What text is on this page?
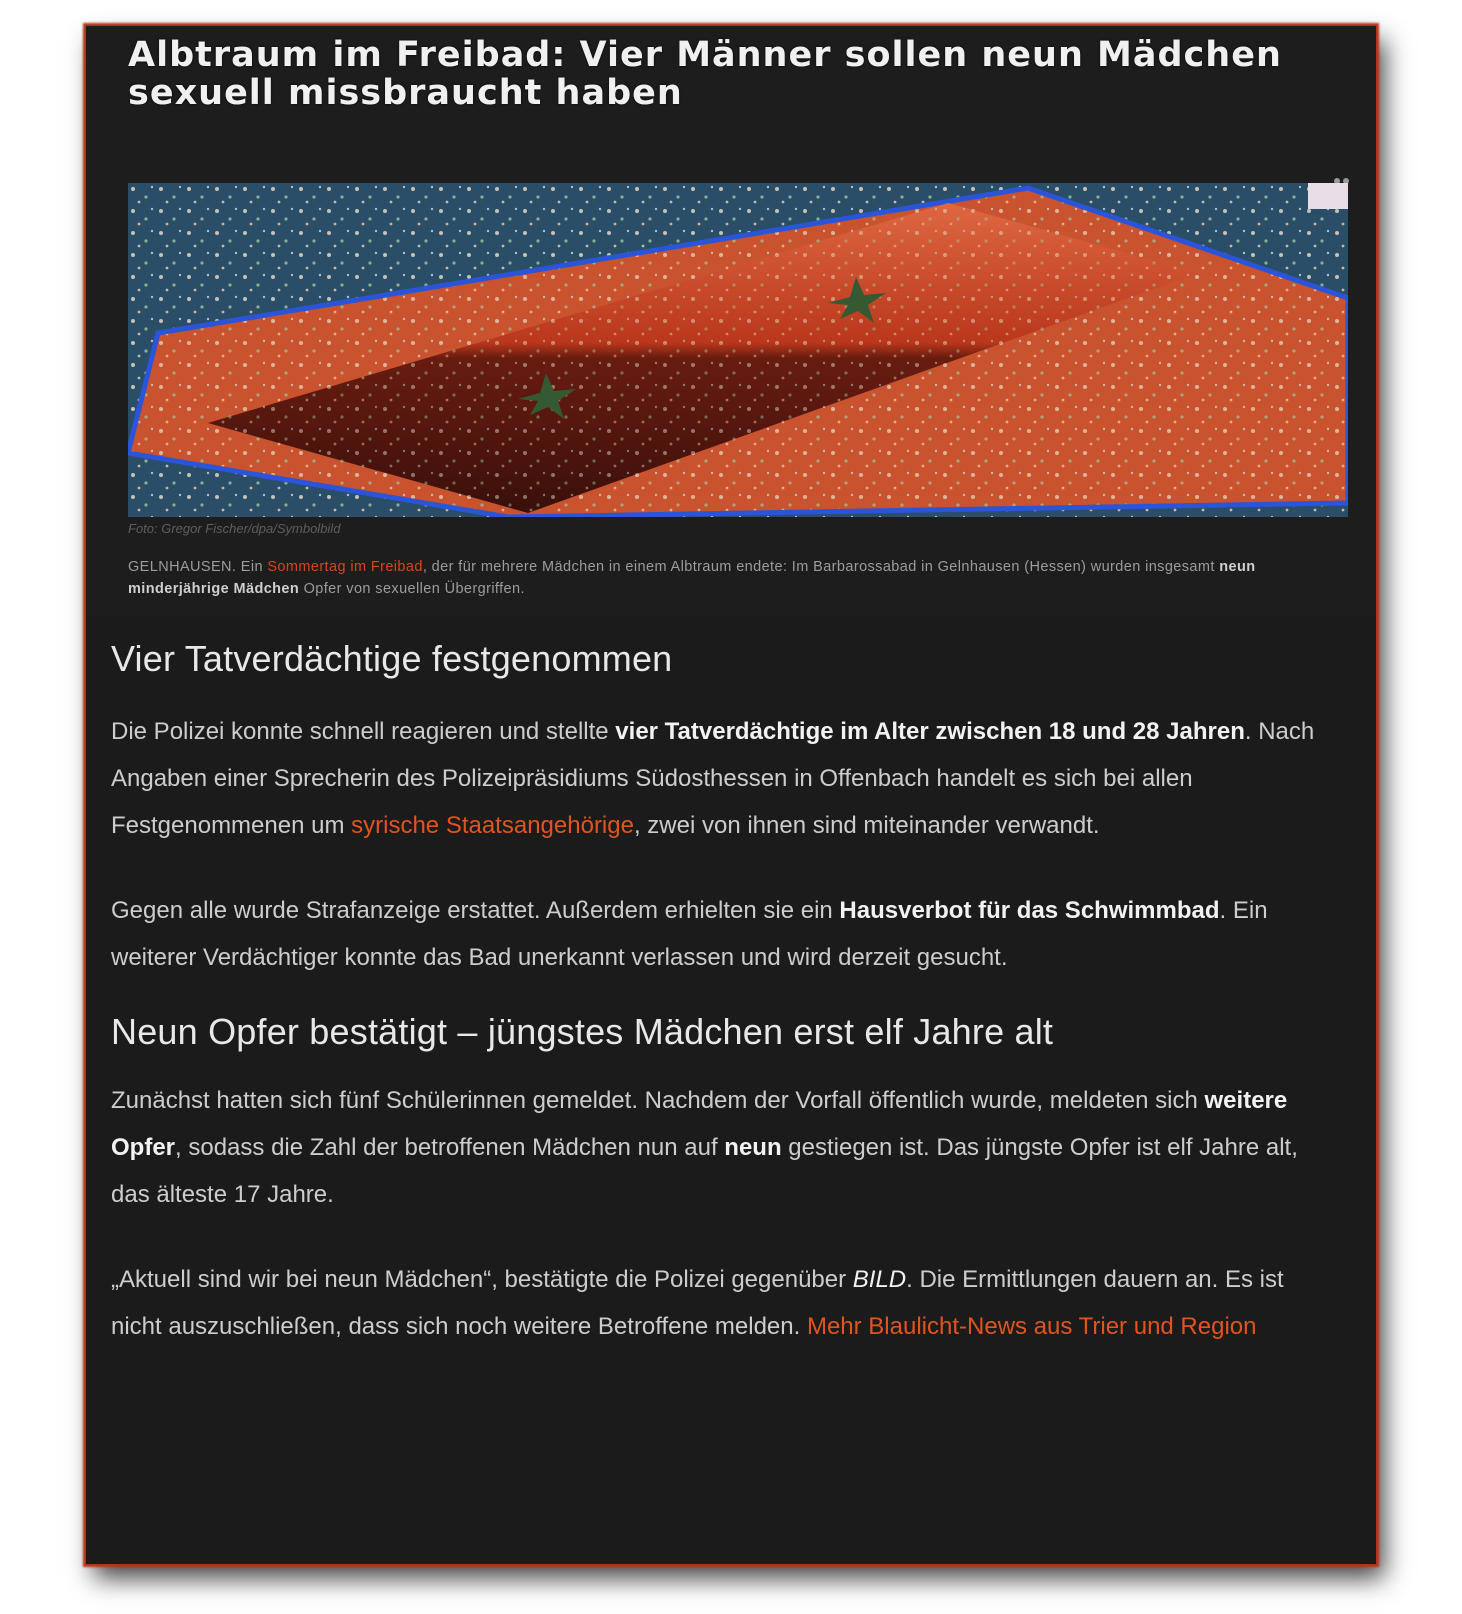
Albtraum im Freibad: Vier Männer sollen neun Mädchen sexuell missbraucht haben
Foto: Gregor Fischer/dpa/Symbolbild
GELNHAUSEN. Ein Sommertag im Freibad, der für mehrere Mädchen in einem Albtraum endete: Im Barbarossabad in Gelnhausen (Hessen) wurden insgesamt neun minderjährige Mädchen Opfer von sexuellen Übergriffen.
Vier Tatverdächtige festgenommen

Die Polizei konnte schnell reagieren und stellte vier Tatverdächtige im Alter zwischen 18 und 28 Jahren. Nach Angaben einer Sprecherin des Polizeipräsidiums Südosthessen in Offenbach handelt es sich bei allen Festgenommenen um syrische Staatsangehörige, zwei von ihnen sind miteinander verwandt.

Gegen alle wurde Strafanzeige erstattet. Außerdem erhielten sie ein Hausverbot für das Schwimmbad. Ein weiterer Verdächtiger konnte das Bad unerkannt verlassen und wird derzeit gesucht.

Neun Opfer bestätigt – jüngstes Mädchen erst elf Jahre alt

Zunächst hatten sich fünf Schülerinnen gemeldet. Nachdem der Vorfall öffentlich wurde, meldeten sich weitere Opfer, sodass die Zahl der betroffenen Mädchen nun auf neun gestiegen ist. Das jüngste Opfer ist elf Jahre alt, das älteste 17 Jahre.

„Aktuell sind wir bei neun Mädchen“, bestätigte die Polizei gegenüber BILD. Die Ermittlungen dauern an. Es ist nicht auszuschließen, dass sich noch weitere Betroffene melden. Mehr Blaulicht-News aus Trier und Region
